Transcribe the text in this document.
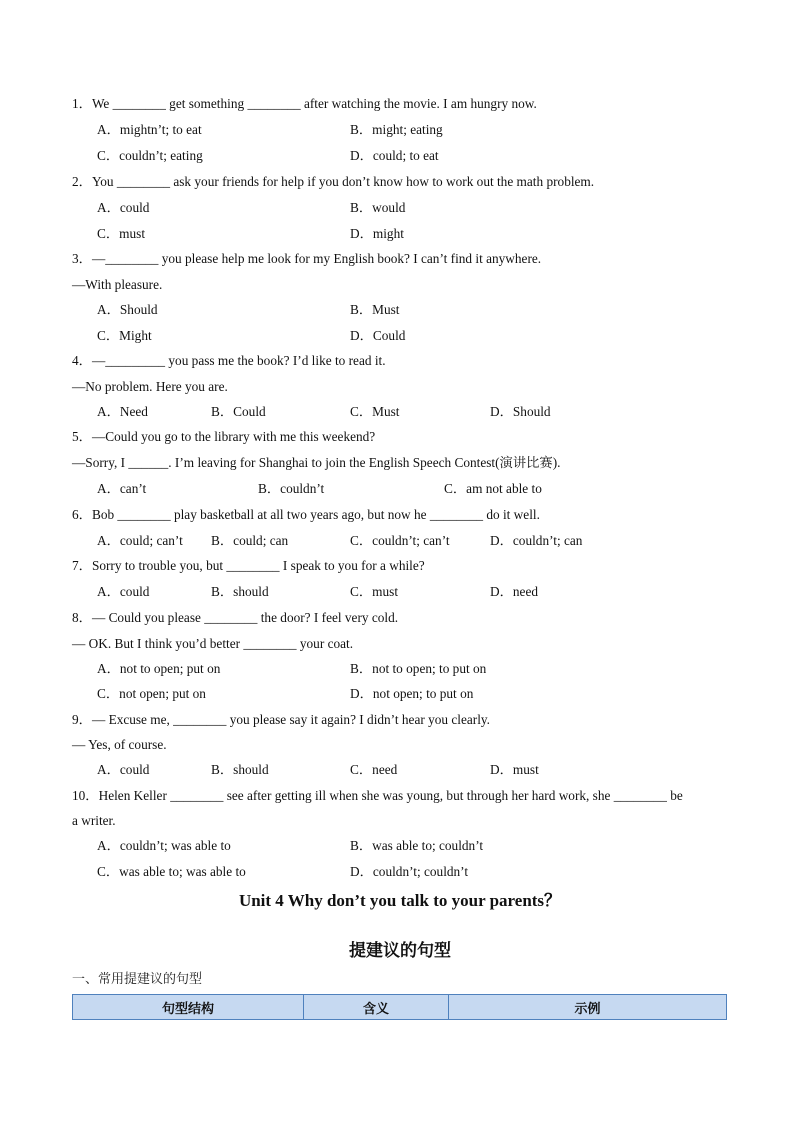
1．We ________ get something ________ after watching the movie. I am hungry now.
A．mightn’t; to eat	B．might; eating
C．couldn’t; eating	D．could; to eat
2．You ________ ask your friends for help if you don’t know how to work out the math problem.
A．could	B．would
C．must	D．might
3．—________ you please help me look for my English book? I can’t find it anywhere.
—With pleasure.
A．Should	B．Must
C．Might	D．Could
4．—_________ you pass me the book? I’d like to read it.
—No problem. Here you are.
A．Need	B．Could	C．Must	D．Should
5．—Could you go to the library with me this weekend?
—Sorry, I ______. I’m leaving for Shanghai to join the English Speech Contest(演讲比赛).
A．can’t	B．couldn’t	C．am not able to
6．Bob ________ play basketball at all two years ago, but now he ________ do it well.
A．could; can’t B．could; can	C．couldn’t; can’t	D．couldn’t; can
7．Sorry to trouble you, but ________ I speak to you for a while?
A．could	B．should	C．must	D．need
8．— Could you please ________ the door? I feel very cold.
— OK. But I think you’d better ________ your coat.
A．not to open; put on	B．not to open; to put on
C．not open; put on	D．not open; to put on
9．— Excuse me, ________ you please say it again? I didn’t hear you clearly.
— Yes, of course.
A．could	B．should	C．need	D．must
10．Helen Keller ________ see after getting ill when she was young, but through her hard work, she ________ be
a writer.
A．couldn’t; was able to	B．was able to; couldn’t
C．was able to; was able to	D．couldn’t; couldn’t
Unit 4 Why don’t you talk to your parents？
提建议的句型
一、常用提建议的句型
句型结构	含义	示例
